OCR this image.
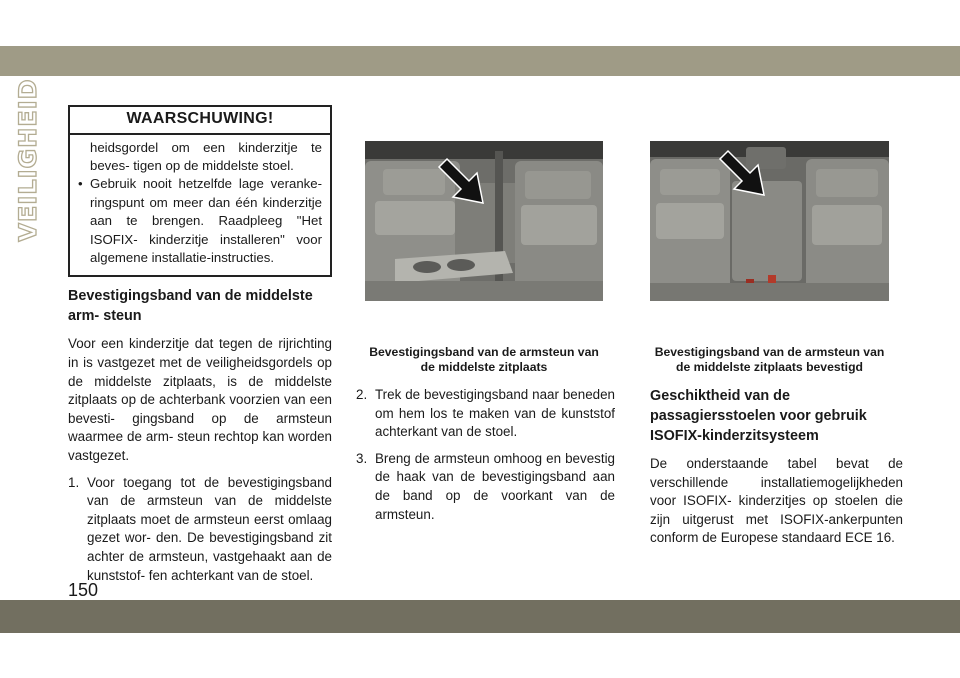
VEILIGHEID	WAARSCHUWING!

heidsgordel om een kinderzitje te beves- tigen op de middelste stoel.

• Gebruik nooit hetzelfde lage veranke- ringspunt om meer dan één kinderzitje aan te brengen. Raadpleeg "Het ISOFIX- kinderzitje installeren" voor algemene installatie-instructies.
Bevestigingsband van de middelste arm- steun

Voor een kinderzitje dat tegen de rijrichting in is vastgezet met de veiligheidsgordels op de middelste zitplaats, is de middelste zitplaats op de achterbank voorzien van een bevesti- gingsband op de armsteun waarmee de arm- steun rechtop kan worden vastgezet.

1. Voor toegang tot de bevestigingsband van de armsteun van de middelste zitplaats moet de armsteun eerst omlaag gezet wor- den. De bevestigingsband zit achter de armsteun, vastgehaakt aan de kunststof- fen achterkant van de stoel.
Bevestigingsband van de armsteun van de middelste zitplaats
Bevestigingsband van de armsteun van de middelste zitplaats bevestigd
2. Trek de bevestigingsband naar beneden om hem los te maken van de kunststof achterkant van de stoel.
3. Breng de armsteun omhoog en bevestig de haak van de bevestigingsband aan de band op de voorkant van de armsteun.
Geschiktheid van de passagiersstoelen voor gebruik ISOFIX-kinderzitsysteem

De onderstaande tabel bevat de verschillende installatiemogelijkheden voor ISOFIX- kinderzitjes op stoelen die zijn uitgerust met ISOFIX-ankerpunten conform de Europese standaard ECE 16.

150
